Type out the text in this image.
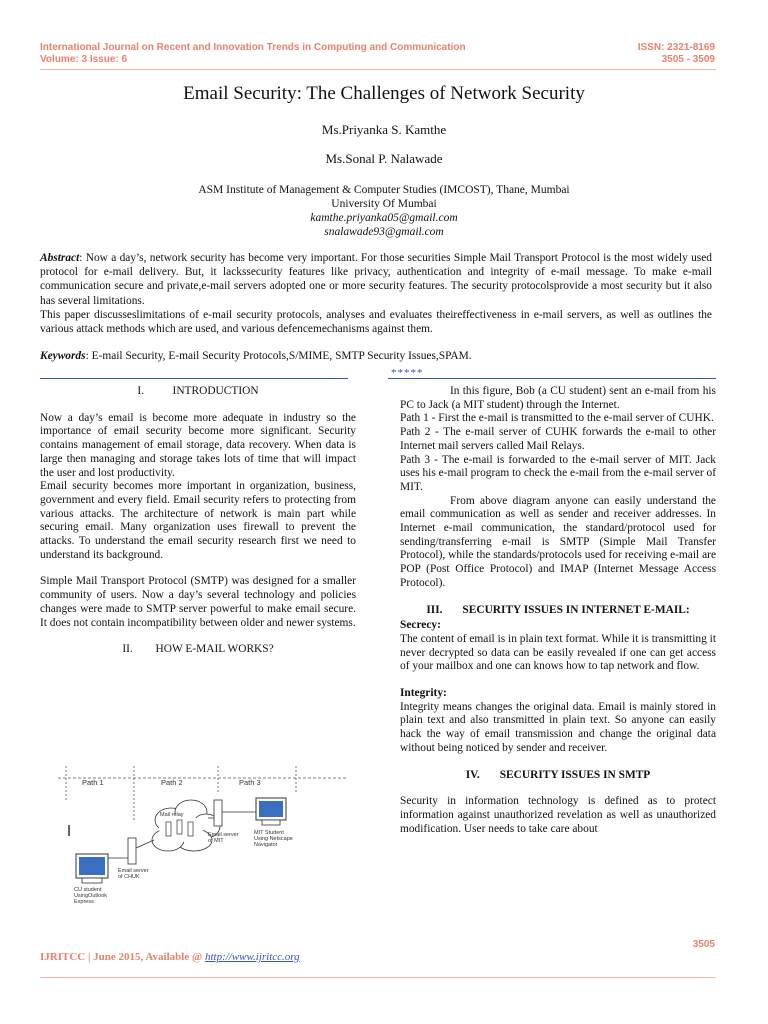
International Journal on Recent and Innovation Trends in Computing and Communication
Volume: 3 Issue: 6
ISSN: 2321-8169
3505 - 3509
Email Security: The Challenges of Network Security
Ms.Priyanka S. Kamthe
Ms.Sonal P. Nalawade
ASM Institute of Management & Computer Studies (IMCOST), Thane, Mumbai
University Of Mumbai
kamthe.priyanka05@gmail.com
snalawade93@gmail.com
Abstract: Now a day’s, network security has become very important. For those securities Simple Mail Transport Protocol is the most widely used protocol for e-mail delivery. But, it lackssecurity features like privacy, authentication and integrity of e-mail message. To make e-mail communication secure and private,e-mail servers adopted one or more security features. The security protocolsprovide a most security but it also has several limitations.
This paper discusseslimitations of e-mail security protocols, analyses and evaluates theireffectiveness in e-mail servers, as well as outlines the various attack methods which are used, and various defencemechanisms against them.
Keywords: E-mail Security, E-mail Security Protocols,S/MIME, SMTP Security Issues,SPAM.
*****

I.          INTRODUCTION

Now a day’s email is become more adequate in industry so the importance of email security become more significant. Security contains management of email storage, data recovery. When data is large then managing and storage takes lots of time that will impact the user and lost productivity.

Email security becomes more important in organization, business, government and every field. Email security refers to protecting from various attacks. The architecture of network is main part while securing email. Many organization uses firewall to prevent the attacks. To understand the email security research first we need to understand its background.

Simple Mail Transport Protocol (SMTP) was designed for a smaller community of users. Now a day’s several technology and policies changes were made to SMTP server powerful to make email secure. It does not contain incompatibility between older and newer systems.

II.        HOW E-MAIL WORKS?

Path 1	Path 2	Path 3
Mail relay
Email server
of MIT
MIT Student
Using Netscape
Navigator
Email server
of CHUK
CU student
UsingOutlook
Express

In this figure, Bob (a CU student) sent an e-mail from his PC to Jack (a MIT student) through the Internet.

Path 1 - First the e-mail is transmitted to the e-mail server of CUHK.

Path 2 - The e-mail server of CUHK forwards the e-mail to other Internet mail servers called Mail Relays.

Path 3 - The e-mail is forwarded to the e-mail server of MIT. Jack uses his e-mail program to check the e-mail from the e-mail server of MIT.

From above diagram anyone can easily understand the email communication as well as sender and receiver addresses. In Internet e-mail communication, the standard/protocol used for sending/transferring e-mail is SMTP (Simple Mail Transfer Protocol), while the standards/protocols used for receiving e-mail are POP (Post Office Protocol) and IMAP (Internet Message Access Protocol).

III.       SECURITY ISSUES IN INTERNET E-MAIL:

Secrecy:

The content of email is in plain text format. While it is transmitting it never decrypted so data can be easily revealed if one can get access of your mailbox and one can knows how to tap network and flow.

Integrity:

Integrity means changes the original data. Email is mainly stored in plain text and also transmitted in plain text. So anyone can easily hack the way of email transmission and change the original data without being noticed by sender and receiver.

IV.       SECURITY ISSUES IN SMTP

Security in information technology is defined as to protect information against unauthorized revelation as well as unauthorized modification. User needs to take care about

3505
IJRITCC | June 2015, Available @ http://www.ijritcc.org
